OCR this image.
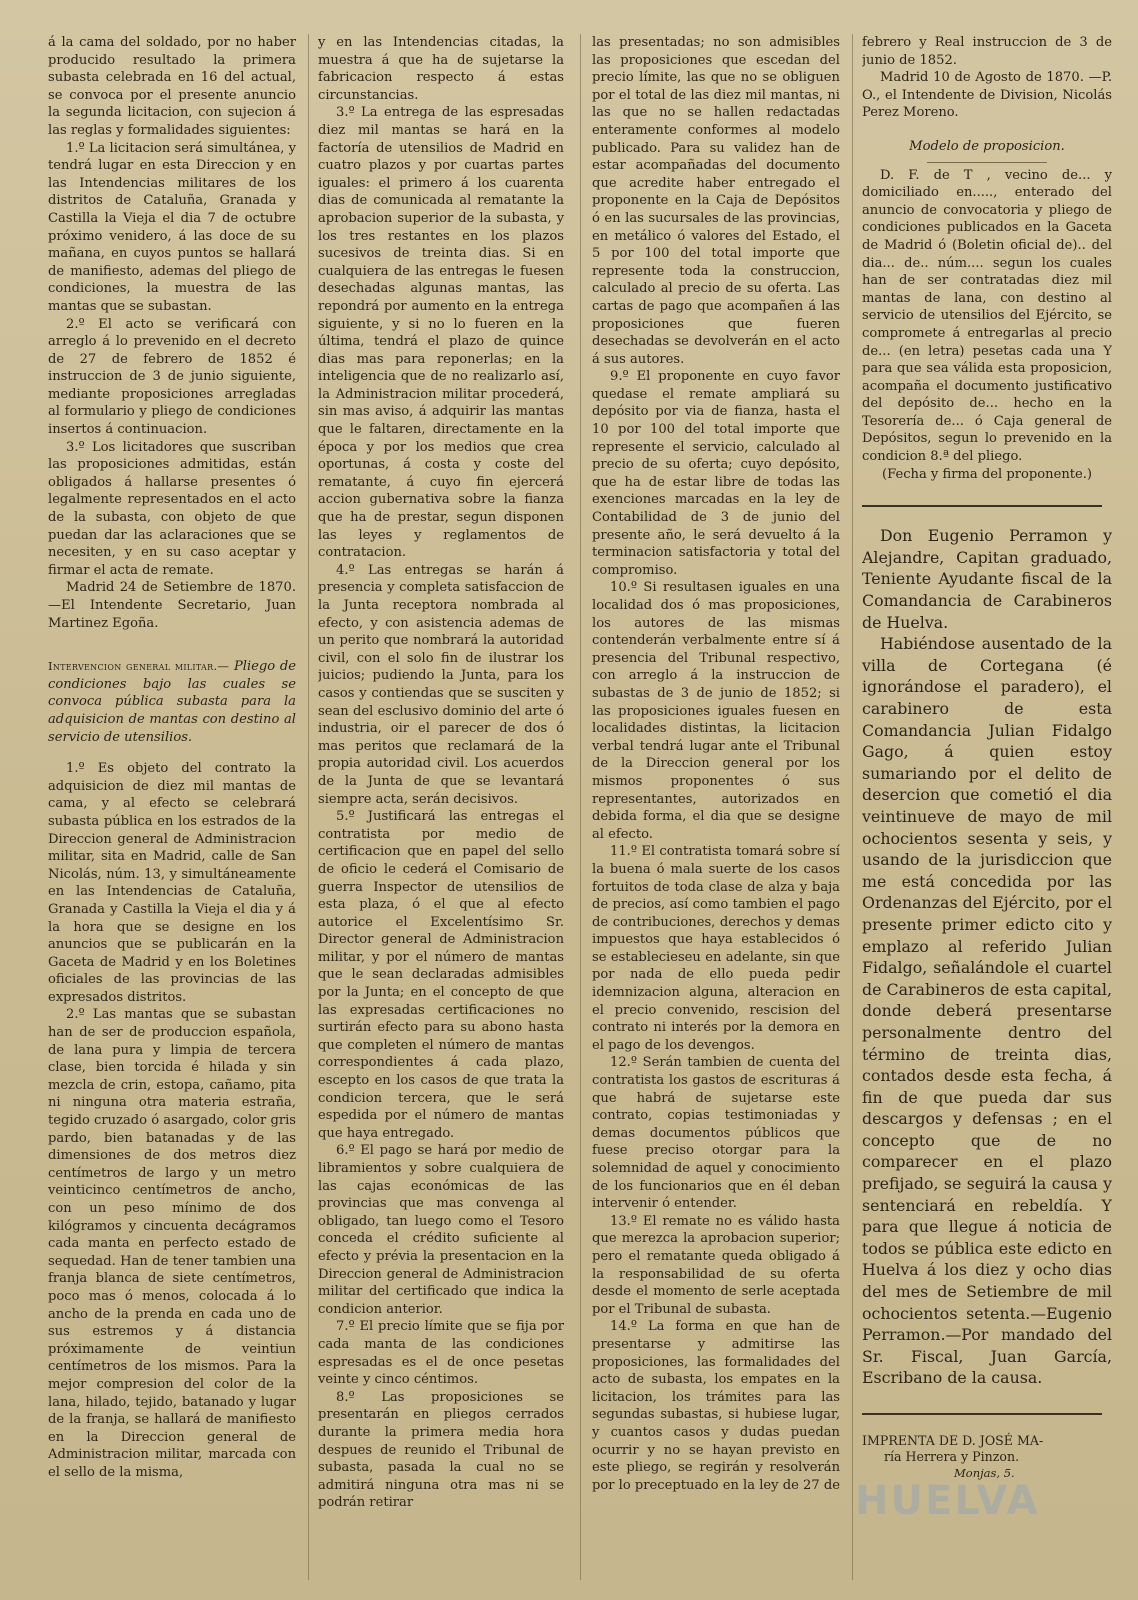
á la cama del soldado, por no haber producido resultado la primera subasta celebrada en 16 del actual, se convoca por el presente anuncio la segunda licitacion, con sujecion á las reglas y formalidades siguientes:

1.º La licitacion será simultánea, y tendrá lugar en esta Direccion y en las Intendencias militares de los distritos de Cataluña, Granada y Castilla la Vieja el dia 7 de octubre próximo venidero, á las doce de su mañana, en cuyos puntos se hallará de manifiesto, ademas del pliego de condiciones, la muestra de las mantas que se subastan.

2.º El acto se verificará con arreglo á lo prevenido en el decreto de 27 de febrero de 1852 é instruccion de 3 de junio siguiente, mediante proposiciones arregladas al formulario y pliego de condiciones insertos á continuacion.

3.º Los licitadores que suscriban las proposiciones admitidas, están obligados á hallarse presentes ó legalmente representados en el acto de la subasta, con objeto de que puedan dar las aclaraciones que se necesiten, y en su caso aceptar y firmar el acta de remate.

Madrid 24 de Setiembre de 1870. —El Intendente Secretario, Juan Martinez Egoña.

Intervencion general militar.— Pliego de condiciones bajo las cuales se convoca pública subasta para la adquisicion de mantas con destino al servicio de utensilios.

1.º Es objeto del contrato la adquisicion de diez mil mantas de cama, y al efecto se celebrará subasta pública en los estrados de la Direccion general de Administracion militar, sita en Madrid, calle de San Nicolás, núm. 13, y simultáneamente en las Intendencias de Cataluña, Granada y Castilla la Vieja el dia y á la hora que se designe en los anuncios que se publicarán en la Gaceta de Madrid y en los Boletines oficiales de las provincias de las expresados distritos.

2.º Las mantas que se subastan han de ser de produccion española, de lana pura y limpia de tercera clase, bien torcida é hilada y sin mezcla de crin, estopa, cañamo, pita ni ninguna otra materia estraña, tegido cruzado ó asargado, color gris pardo, bien batanadas y de las dimensiones de dos metros diez centímetros de largo y un metro veinticinco centímetros de ancho, con un peso mínimo de dos kilógramos y cincuenta decágramos cada manta en perfecto estado de sequedad. Han de tener tambien una franja blanca de siete centímetros, poco mas ó menos, colocada á lo ancho de la prenda en cada uno de sus estremos y á distancia próximamente de veintiun centímetros de los mismos. Para la mejor compresion del color de la lana, hilado, tejido, batanado y lugar de la franja, se hallará de manifiesto en la Direccion general de Administracion militar, marcada con el sello de la misma,

y en las Intendencias citadas, la muestra á que ha de sujetarse la fabricacion respecto á estas circunstancias.

3.º La entrega de las espresadas diez mil mantas se hará en la factoría de utensilios de Madrid en cuatro plazos y por cuartas partes iguales: el primero á los cuarenta dias de comunicada al rematante la aprobacion superior de la subasta, y los tres restantes en los plazos sucesivos de treinta dias. Si en cualquiera de las entregas le fuesen desechadas algunas mantas, las repondrá por aumento en la entrega siguiente, y si no lo fueren en la última, tendrá el plazo de quince dias mas para reponerlas; en la inteligencia que de no realizarlo así, la Administracion militar procederá, sin mas aviso, á adquirir las mantas que le faltaren, directamente en la época y por los medios que crea oportunas, á costa y coste del rematante, á cuyo fin ejercerá accion gubernativa sobre la fianza que ha de prestar, segun disponen las leyes y reglamentos de contratacion.

4.º Las entregas se harán á presencia y completa satisfaccion de la Junta receptora nombrada al efecto, y con asistencia ademas de un perito que nombrará la autoridad civil, con el solo fin de ilustrar los juicios; pudiendo la Junta, para los casos y contiendas que se susciten y sean del esclusivo dominio del arte ó industria, oir el parecer de dos ó mas peritos que reclamará de la propia autoridad civil. Los acuerdos de la Junta de que se levantará siempre acta, serán decisivos.

5.º Justificará las entregas el contratista por medio de certificacion que en papel del sello de oficio le cederá el Comisario de guerra Inspector de utensilios de esta plaza, ó el que al efecto autorice el Excelentísimo Sr. Director general de Administracion militar, y por el número de mantas que le sean declaradas admisibles por la Junta; en el concepto de que las expresadas certificaciones no surtirán efecto para su abono hasta que completen el número de mantas correspondientes á cada plazo, escepto en los casos de que trata la condicion tercera, que le será espedida por el número de mantas que haya entregado.

6.º El pago se hará por medio de libramientos y sobre cualquiera de las cajas económicas de las provincias que mas convenga al obligado, tan luego como el Tesoro conceda el crédito suficiente al efecto y prévia la presentacion en la Direccion general de Administracion militar del certificado que indica la condicion anterior.

7.º El precio límite que se fija por cada manta de las condiciones espresadas es el de once pesetas veinte y cinco céntimos.

8.º Las proposiciones se presentarán en pliegos cerrados durante la primera media hora despues de reunido el Tribunal de subasta, pasada la cual no se admitirá ninguna otra mas ni se podrán retirar

las presentadas; no son admisibles las proposiciones que escedan del precio límite, las que no se obliguen por el total de las diez mil mantas, ni las que no se hallen redactadas enteramente conformes al modelo publicado. Para su validez han de estar acompañadas del documento que acredite haber entregado el proponente en la Caja de Depósitos ó en las sucursales de las provincias, en metálico ó valores del Estado, el 5 por 100 del total importe que represente toda la construccion, calculado al precio de su oferta. Las cartas de pago que acompañen á las proposiciones que fueren desechadas se devolverán en el acto á sus autores.

9.º El proponente en cuyo favor quedase el remate ampliará su depósito por via de fianza, hasta el 10 por 100 del total importe que represente el servicio, calculado al precio de su oferta; cuyo depósito, que ha de estar libre de todas las exenciones marcadas en la ley de Contabilidad de 3 de junio del presente año, le será devuelto á la terminacion satisfactoria y total del compromiso.

10.º Si resultasen iguales en una localidad dos ó mas proposiciones, los autores de las mismas contenderán verbalmente entre sí á presencia del Tribunal respectivo, con arreglo á la instruccion de subastas de 3 de junio de 1852; si las proposiciones iguales fuesen en localidades distintas, la licitacion verbal tendrá lugar ante el Tribunal de la Direccion general por los mismos proponentes ó sus representantes, autorizados en debida forma, el dia que se designe al efecto.

11.º El contratista tomará sobre sí la buena ó mala suerte de los casos fortuitos de toda clase de alza y baja de precios, así como tambien el pago de contribuciones, derechos y demas impuestos que haya establecidos ó se establecieseu en adelante, sin que por nada de ello pueda pedir idemnizacion alguna, alteracion en el precio convenido, rescision del contrato ni interés por la demora en el pago de los devengos.

12.º Serán tambien de cuenta del contratista los gastos de escrituras á que habrá de sujetarse este contrato, copias testimoniadas y demas documentos públicos que fuese preciso otorgar para la solemnidad de aquel y conocimiento de los funcionarios que en él deban intervenir ó entender.

13.º El remate no es válido hasta que merezca la aprobacion superior; pero el rematante queda obligado á la responsabilidad de su oferta desde el momento de serle aceptada por el Tribunal de subasta.

14.º La forma en que han de presentarse y admitirse las proposiciones, las formalidades del acto de subasta, los empates en la licitacion, los trámites para las segundas subastas, si hubiese lugar, y cuantos casos y dudas puedan ocurrir y no se hayan previsto en este pliego, se regirán y resolverán por lo preceptuado en la ley de 27 de

febrero y Real instruccion de 3 de junio de 1852.

Madrid 10 de Agosto de 1870. —P. O., el Intendente de Division, Nicolás Perez Moreno.

Modelo de proposicion.

D. F. de T , vecino de... y domiciliado en....., enterado del anuncio de convocatoria y pliego de condiciones publicados en la Gaceta de Madrid ó (Boletin oficial de).. del dia... de.. núm.... segun los cuales han de ser contratadas diez mil mantas de lana, con destino al servicio de utensilios del Ejército, se compromete á entregarlas al precio de... (en letra) pesetas cada una Y para que sea válida esta proposicion, acompaña el documento justificativo del depósito de... hecho en la Tesorería de... ó Caja general de Depósitos, segun lo prevenido en la condicion 8.ª del pliego.

(Fecha y firma del proponente.)

Don Eugenio Perramon y Alejandre, Capitan graduado, Teniente Ayudante fiscal de la Comandancia de Carabineros de Huelva.

Habiéndose ausentado de la villa de Cortegana (é ignorándose el paradero), el carabinero de esta Comandancia Julian Fidalgo Gago, á quien estoy sumariando por el delito de desercion que cometió el dia veintinueve de mayo de mil ochocientos sesenta y seis, y usando de la jurisdiccion que me está concedida por las Ordenanzas del Ejército, por el presente primer edicto cito y emplazo al referido Julian Fidalgo, señalándole el cuartel de Carabineros de esta capital, donde deberá presentarse personalmente dentro del término de treinta dias, contados desde esta fecha, á fin de que pueda dar sus descargos y defensas ; en el concepto que de no comparecer en el plazo prefijado, se seguirá la causa y sentenciará en rebeldía. Y para que llegue á noticia de todos se pública este edicto en Huelva á los diez y ocho dias del mes de Setiembre de mil ochocientos setenta.—Eugenio Perramon.—Por mandado del Sr. Fiscal, Juan García, Escribano de la causa.

IMPRENTA DE D. JOSÉ MA-
ría Herrera y Pinzon.
Monjas, 5.
HUELVA
